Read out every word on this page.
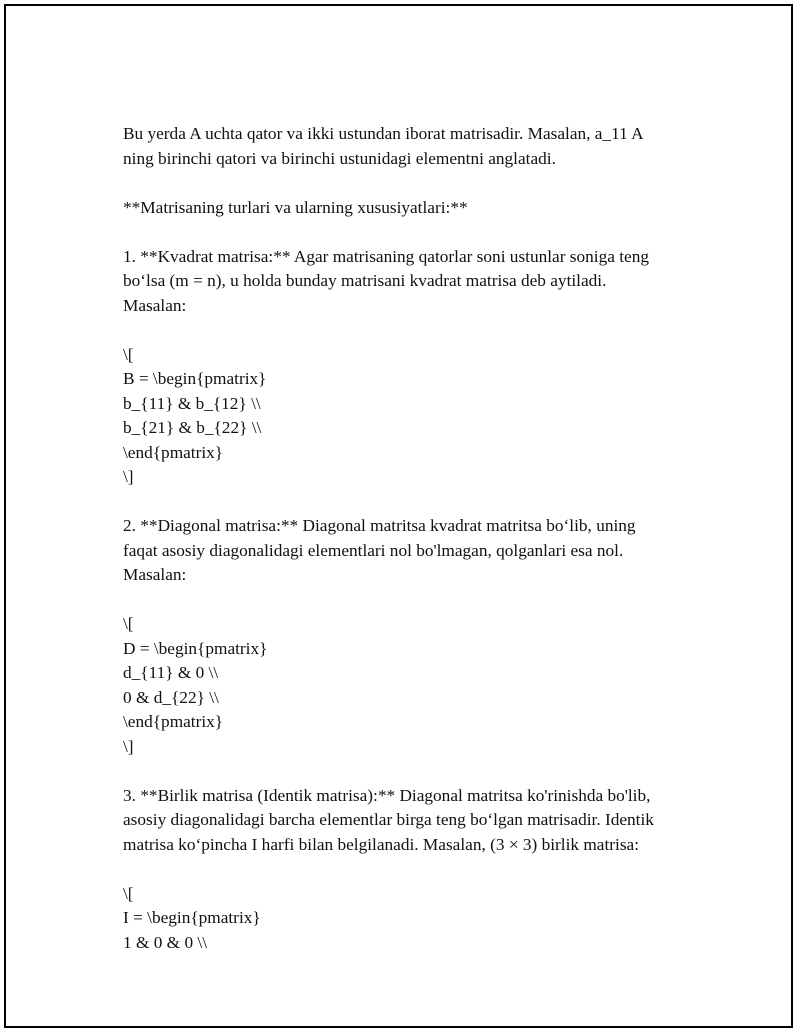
Bu yerda A uchta qator va ikki ustundan iborat matrisadir. Masalan, a_11 A
ning birinchi qatori va birinchi ustunidagi elementni anglatadi.
**Matrisaning turlari va ularning xususiyatlari:**
1. **Kvadrat matrisa:** Agar matrisaning qatorlar soni ustunlar soniga teng
bo‘lsa (m = n), u holda bunday matrisani kvadrat matrisa deb aytiladi.
Masalan:
\[
B = \begin{pmatrix}
b_{11} & b_{12} \\
b_{21} & b_{22} \\
\end{pmatrix}
\]
2. **Diagonal matrisa:** Diagonal matritsa kvadrat matritsa bo‘lib, uning
faqat asosiy diagonalidagi elementlari nol bo'lmagan, qolganlari esa nol.
Masalan:
\[
D = \begin{pmatrix}
d_{11} & 0 \\
0 & d_{22} \\
\end{pmatrix}
\]
3. **Birlik matrisa (Identik matrisa):** Diagonal matritsa ko'rinishda bo'lib,
asosiy diagonalidagi barcha elementlar birga teng bo‘lgan matrisadir. Identik
matrisa ko‘pincha I harfi bilan belgilanadi. Masalan, (3 × 3) birlik matrisa:
\[
I = \begin{pmatrix}
1 & 0 & 0 \\
